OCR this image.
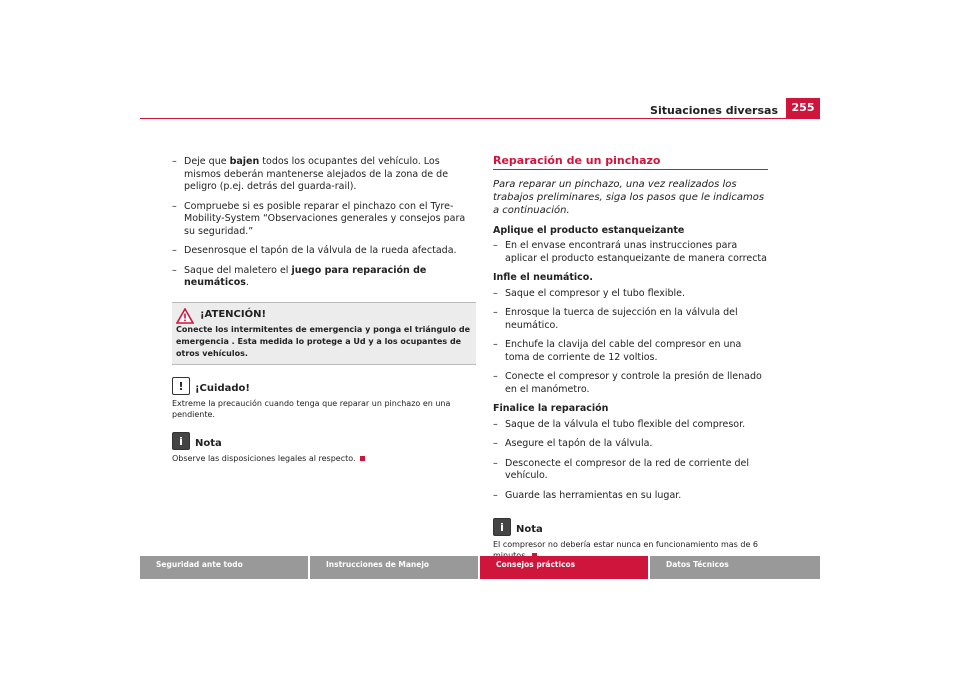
Situaciones diversas	255
– Deje que bajen todos los ocupantes del vehículo. Los mismos deberán mantenerse alejados de la zona de de peligro (p.ej. detrás del guarda-rail).
– Compruebe si es posible reparar el pinchazo con el Tyre-Mobility-System “Observaciones generales y consejos para su seguridad.”
– Desenrosque el tapón de la válvula de la rueda afectada.
– Saque del maletero el juego para reparación de neumáticos.
¡ATENCIÓN!
Conecte los intermitentes de emergencia y ponga el triángulo de emergencia . Esta medida lo protege a Ud y a los ocupantes de otros vehículos.
!	¡Cuidado!
Extreme la precaución cuando tenga que reparar un pinchazo en una pendiente.
i	Nota
Observe las disposiciones legales al respecto.
Reparación de un pinchazo
Para reparar un pinchazo, una vez realizados los trabajos preliminares, siga los pasos que le indicamos a continuación.
Aplique el producto estanqueizante
– En el envase encontrará unas instrucciones para aplicar el producto estanqueizante de manera correcta
Infle el neumático.
– Saque el compresor y el tubo flexible.
– Enrosque la tuerca de sujección en la válvula del neumático.
– Enchufe la clavija del cable del compresor en una toma de corriente de 12 voltios.
– Conecte el compresor y controle la presión de llenado en el manómetro.
Finalice la reparación
– Saque de la válvula el tubo flexible del compresor.
– Asegure el tapón de la válvula.
– Desconecte el compresor de la red de corriente del vehículo.
– Guarde las herramientas en su lugar.
i	Nota
El compresor no debería estar nunca en funcionamiento mas de 6
Seguridad ante todo	Instrucciones de Manejo	Consejos prácticos	Datos Técnicos
